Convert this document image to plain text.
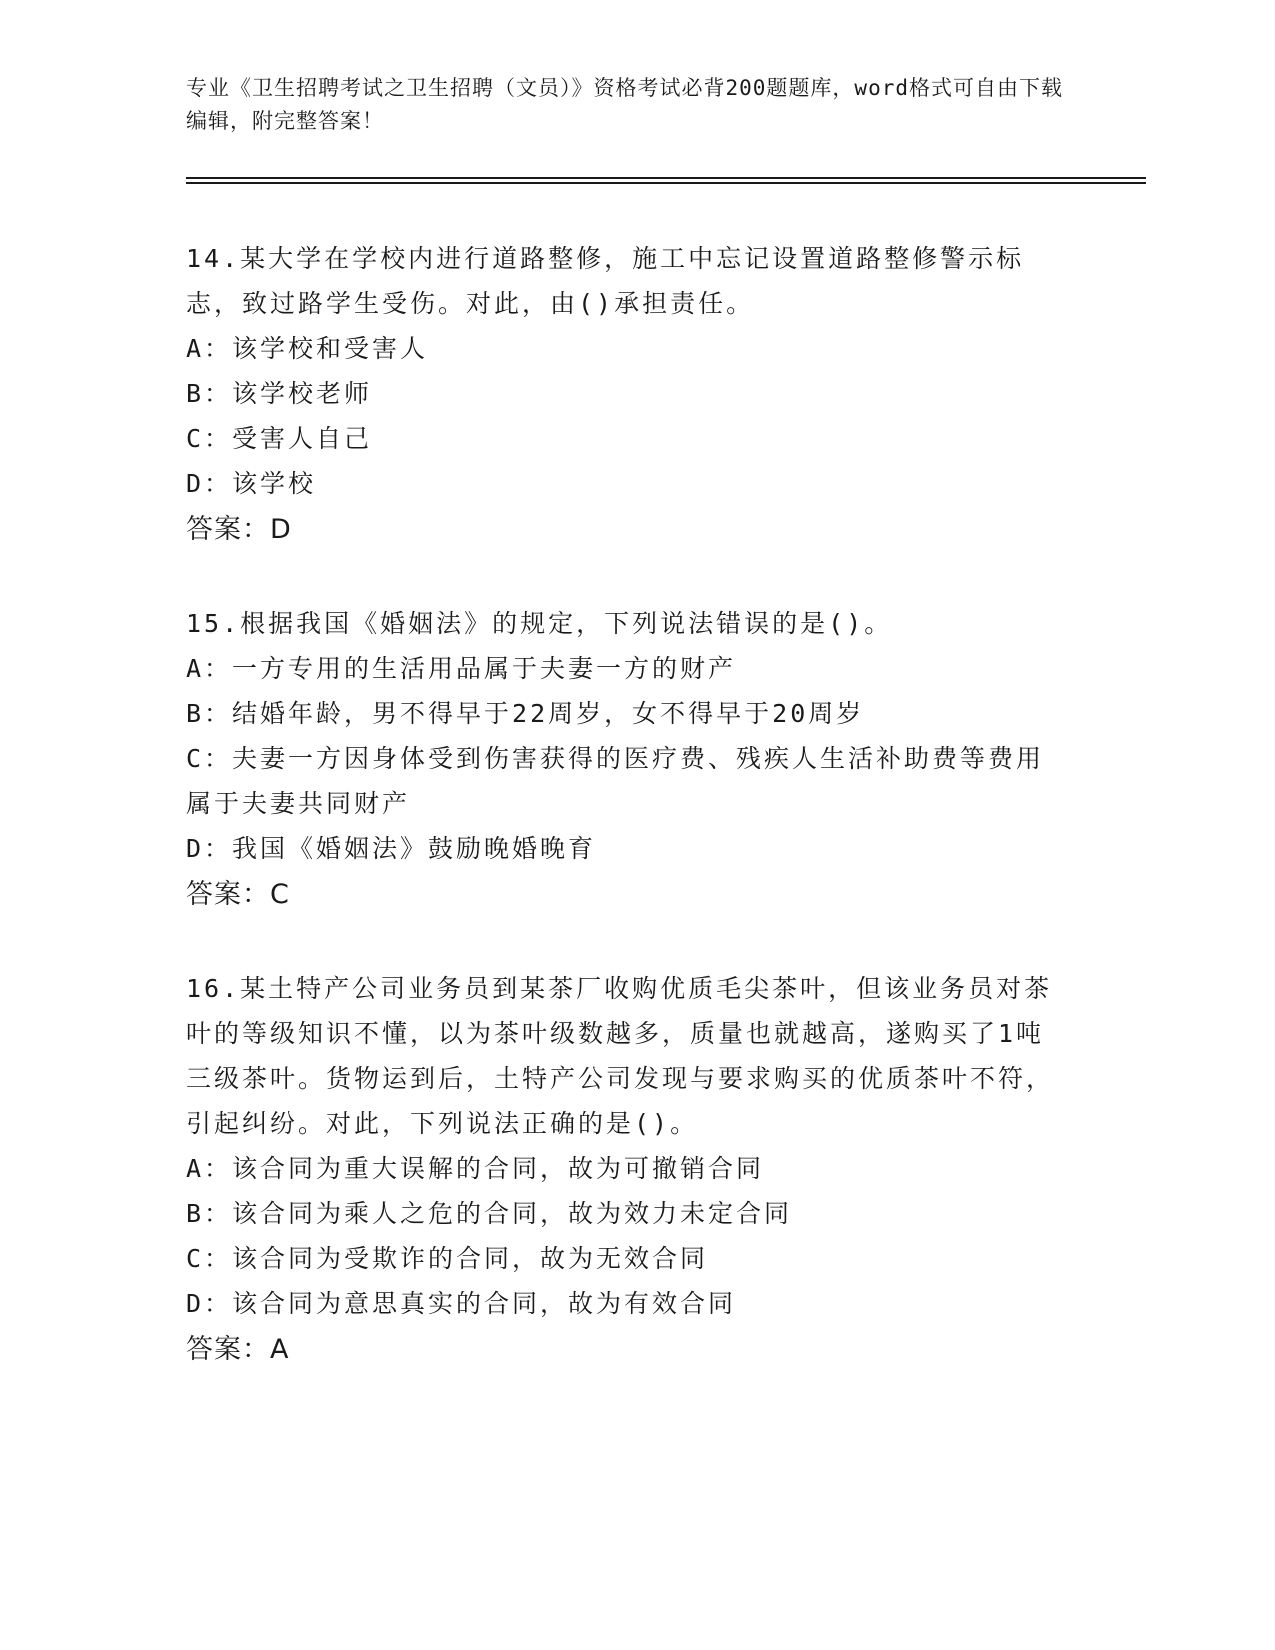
专业《卫生招聘考试之卫生招聘（文员）》资格考试必背200题题库，word格式可自由下载编辑，附完整答案！

14.某大学在学校内进行道路整修，施工中忘记设置道路整修警示标志，致过路学生受伤。对此，由()承担责任。

A：该学校和受害人

B：该学校老师

C：受害人自己

D：该学校

答案：D

15.根据我国《婚姻法》的规定，下列说法错误的是()。

A：一方专用的生活用品属于夫妻一方的财产

B：结婚年龄，男不得早于22周岁，女不得早于20周岁

C：夫妻一方因身体受到伤害获得的医疗费、残疾人生活补助费等费用属于夫妻共同财产

D：我国《婚姻法》鼓励晚婚晚育

答案：C

16.某土特产公司业务员到某茶厂收购优质毛尖茶叶，但该业务员对茶叶的等级知识不懂，以为茶叶级数越多，质量也就越高，遂购买了1吨三级茶叶。货物运到后，土特产公司发现与要求购买的优质茶叶不符，引起纠纷。对此，下列说法正确的是()。

A：该合同为重大误解的合同，故为可撤销合同

B：该合同为乘人之危的合同，故为效力未定合同

C：该合同为受欺诈的合同，故为无效合同

D：该合同为意思真实的合同，故为有效合同

答案：A
